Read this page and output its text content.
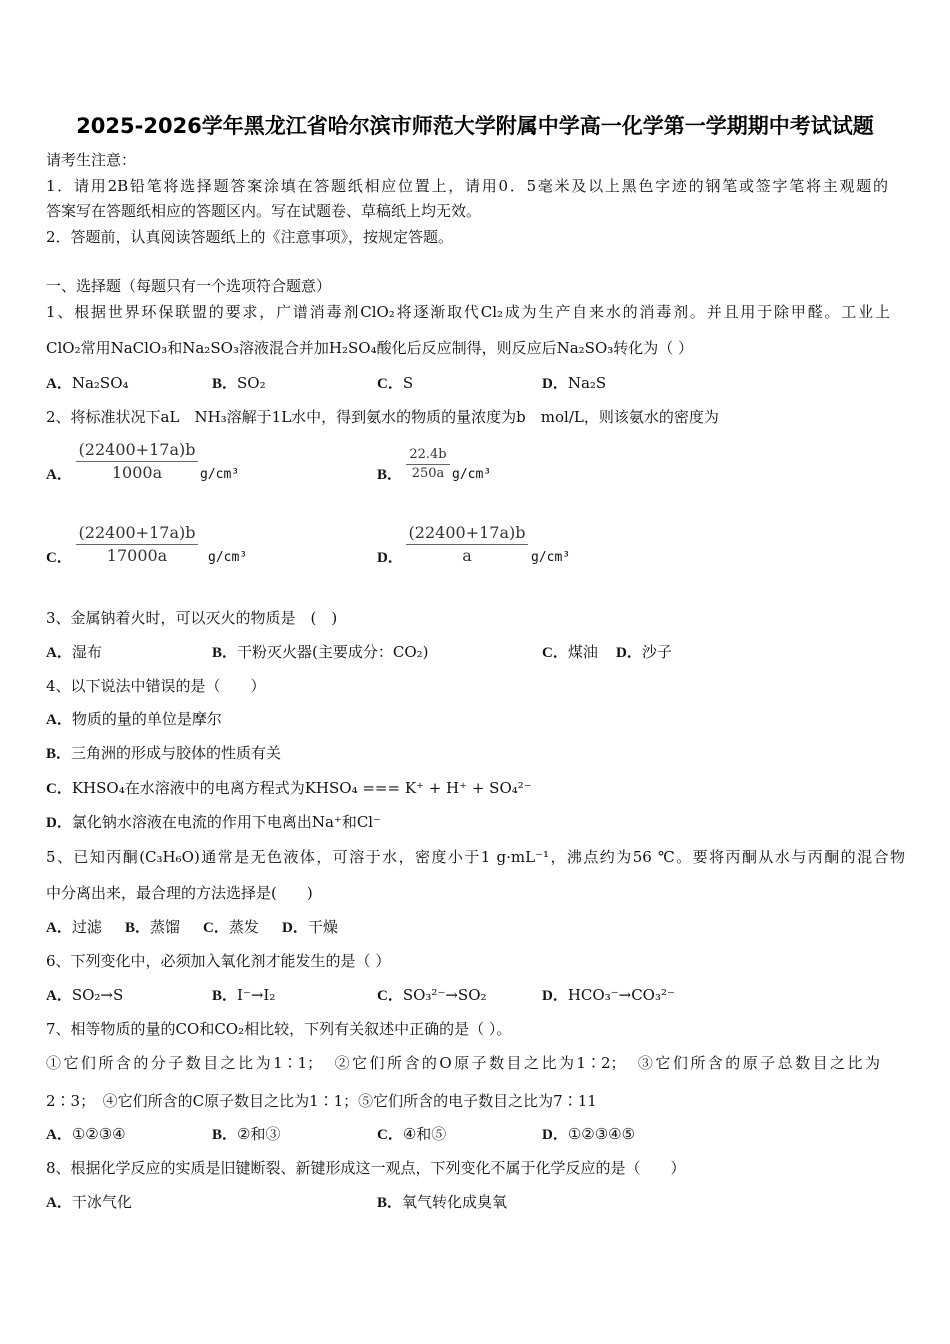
2025-2026学年黑龙江省哈尔滨市师范大学附属中学高一化学第一学期期中考试试题
请考生注意：
1．请用2B铅笔将选择题答案涂填在答题纸相应位置上，请用0．5毫米及以上黑色字迹的钢笔或签字笔将主观题的
答案写在答题纸相应的答题区内。写在试题卷、草稿纸上均无效。
2．答题前，认真阅读答题纸上的《注意事项》，按规定答题。
一、选择题（每题只有一个选项符合题意）
1、根据世界环保联盟的要求，广谱消毒剂ClO₂将逐渐取代Cl₂成为生产自来水的消毒剂。并且用于除甲醛。工业上
ClO₂常用NaClO₃和Na₂SO₃溶液混合并加H₂SO₄酸化后反应制得，则反应后Na₂SO₃转化为（ ）
A．Na₂SO₄	B．SO₂	C．S	D．Na₂S
2、将标准状况下aL　NH₃溶解于1L水中，得到氨水的物质的量浓度为b　mol/L，则该氨水的密度为
A． $\frac{(22400+17a)b}{1000a} g/cm^3$	B． $\frac{22.4b}{250a} g/cm^3$
C． $\frac{(22400+17a)b}{17000a} g/cm^3$	D． $\frac{(22400+17a)b}{a} g/cm^3$
3、金属钠着火时，可以灭火的物质是　(　)
A．湿布	B．干粉灭火器(主要成分：CO₂)	C．煤油 D．沙子
4、以下说法中错误的是（　　）
A．物质的量的单位是摩尔
B．三角洲的形成与胶体的性质有关
C．KHSO₄在水溶液中的电离方程式为KHSO₄ === K⁺ + H⁺ + SO₄²⁻
D．氯化钠水溶液在电流的作用下电离出Na⁺和Cl⁻
5、已知丙酮(C₃H₆O)通常是无色液体，可溶于水，密度小于1 g·mL⁻¹，沸点约为56 ℃。要将丙酮从水与丙酮的混合物
中分离出来，最合理的方法选择是(　　)
A．过滤 B．蒸馏 C．蒸发 D．干燥
6、下列变化中，必须加入氧化剂才能发生的是（ ）
A．SO₂→S	B．I⁻→I₂	C．SO₃²⁻→SO₂	D．HCO₃⁻→CO₃²⁻
7、相等物质的量的CO和CO₂相比较，下列有关叙述中正确的是（ ）。
①它们所含的分子数目之比为1∶1；　②它们所含的O原子数目之比为1∶2；　③它们所含的原子总数目之比为
2∶3；　④它们所含的C原子数目之比为1∶1；⑤它们所含的电子数目之比为7∶11
A．①②③④	B．②和③	C．④和⑤	D．①②③④⑤
8、根据化学反应的实质是旧键断裂、新键形成这一观点，下列变化不属于化学反应的是（　　）
A．干冰气化	B．氧气转化成臭氧
